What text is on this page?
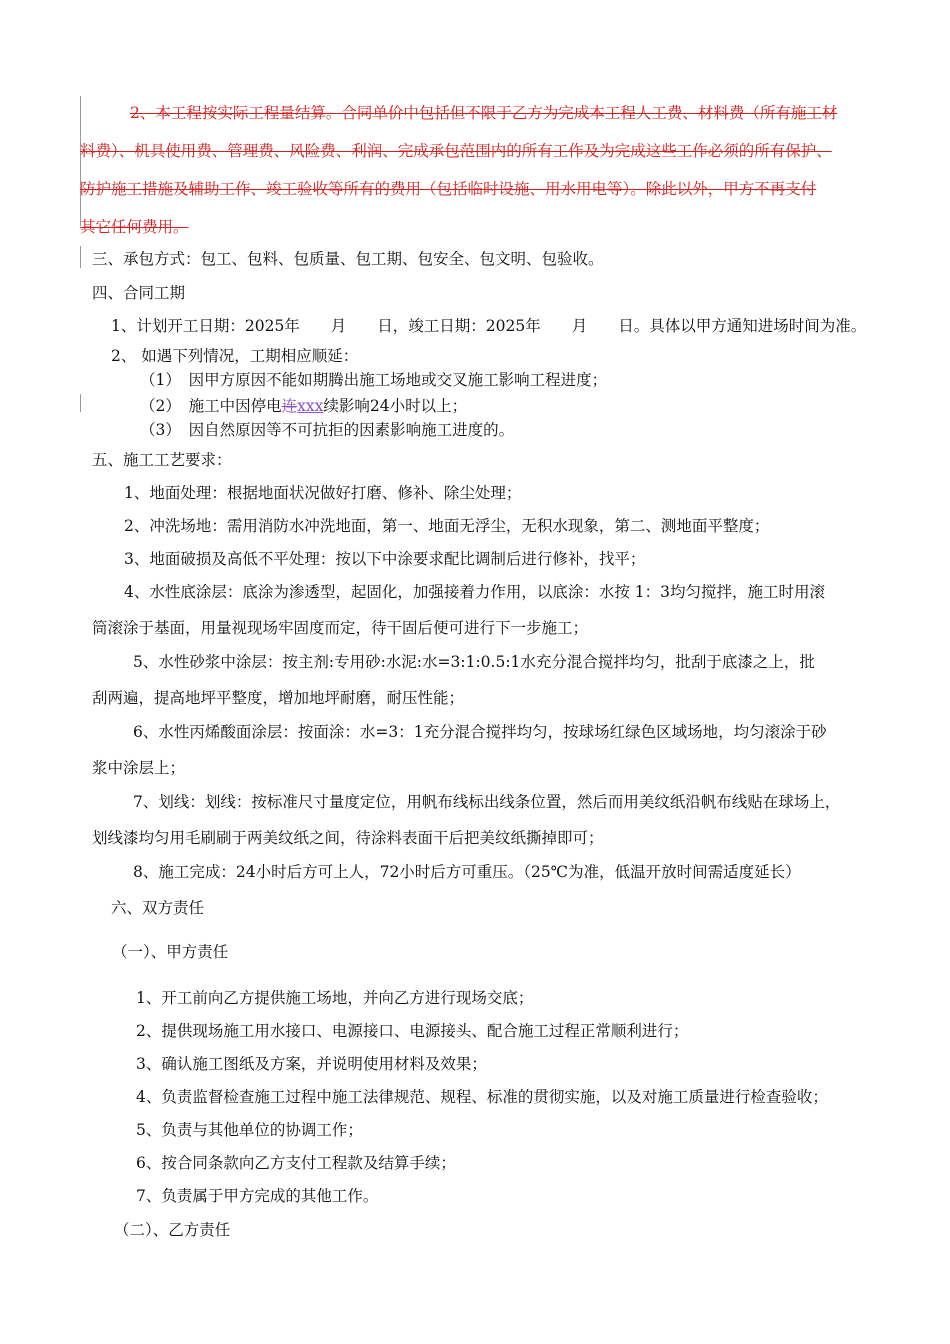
2、本工程按实际工程量结算。合同单价中包括但不限于乙方为完成本工程人工费、材料费（所有施工材
料费）、机具使用费、管理费、风险费、利润、完成承包范围内的所有工作及为完成这些工作必须的所有保护、
防护施工措施及辅助工作、竣工验收等所有的费用（包括临时设施、用水用电等）。除此以外，甲方不再支付
其它任何费用。
三、承包方式：包工、包料、包质量、包工期、包安全、包文明、包验收。
四、合同工期
1、计划开工日期：2025年　　月　　日，竣工日期：2025年　　月　　日。具体以甲方通知进场时间为准。
2、 如遇下列情况，工期相应顺延：
（1）　因甲方原因不能如期腾出施工场地或交叉施工影响工程进度；
（2）　施工中因停电连xxx续影响24小时以上；
（3）　因自然原因等不可抗拒的因素影响施工进度的。
五、施工工艺要求：
1、地面处理：根据地面状况做好打磨、修补、除尘处理；
2、冲洗场地：需用消防水冲洗地面，第一、地面无浮尘，无积水现象，第二、测地面平整度；
3、地面破损及高低不平处理：按以下中涂要求配比调制后进行修补，找平；
4、水性底涂层：底涂为渗透型，起固化，加强接着力作用，以底涂：水按 1：3均匀搅拌，施工时用滚
筒滚涂于基面，用量视现场牢固度而定，待干固后便可进行下一步施工；
5、水性砂浆中涂层：按主剂:专用砂:水泥:水=3:1:0.5:1水充分混合搅拌均匀，批刮于底漆之上，批
刮两遍，提高地坪平整度，增加地坪耐磨，耐压性能；
6、水性丙烯酸面涂层：按面涂：水=3：1充分混合搅拌均匀，按球场红绿色区域场地，均匀滚涂于砂
浆中涂层上；
7、划线：划线：按标准尺寸量度定位，用帆布线标出线条位置，然后而用美纹纸沿帆布线贴在球场上，
划线漆均匀用毛刷刷于两美纹纸之间，待涂料表面干后把美纹纸撕掉即可；
8、施工完成：24小时后方可上人，72小时后方可重压。（25℃为准，低温开放时间需适度延长）
六、双方责任
（一）、甲方责任
1、开工前向乙方提供施工场地，并向乙方进行现场交底；
2、提供现场施工用水接口、电源接口、电源接头、配合施工过程正常顺利进行；
3、确认施工图纸及方案，并说明使用材料及效果；
4、负责监督检查施工过程中施工法律规范、规程、标准的贯彻实施，以及对施工质量进行检查验收；
5、负责与其他单位的协调工作；
6、按合同条款向乙方支付工程款及结算手续；
7、负责属于甲方完成的其他工作。
（二）、乙方责任
